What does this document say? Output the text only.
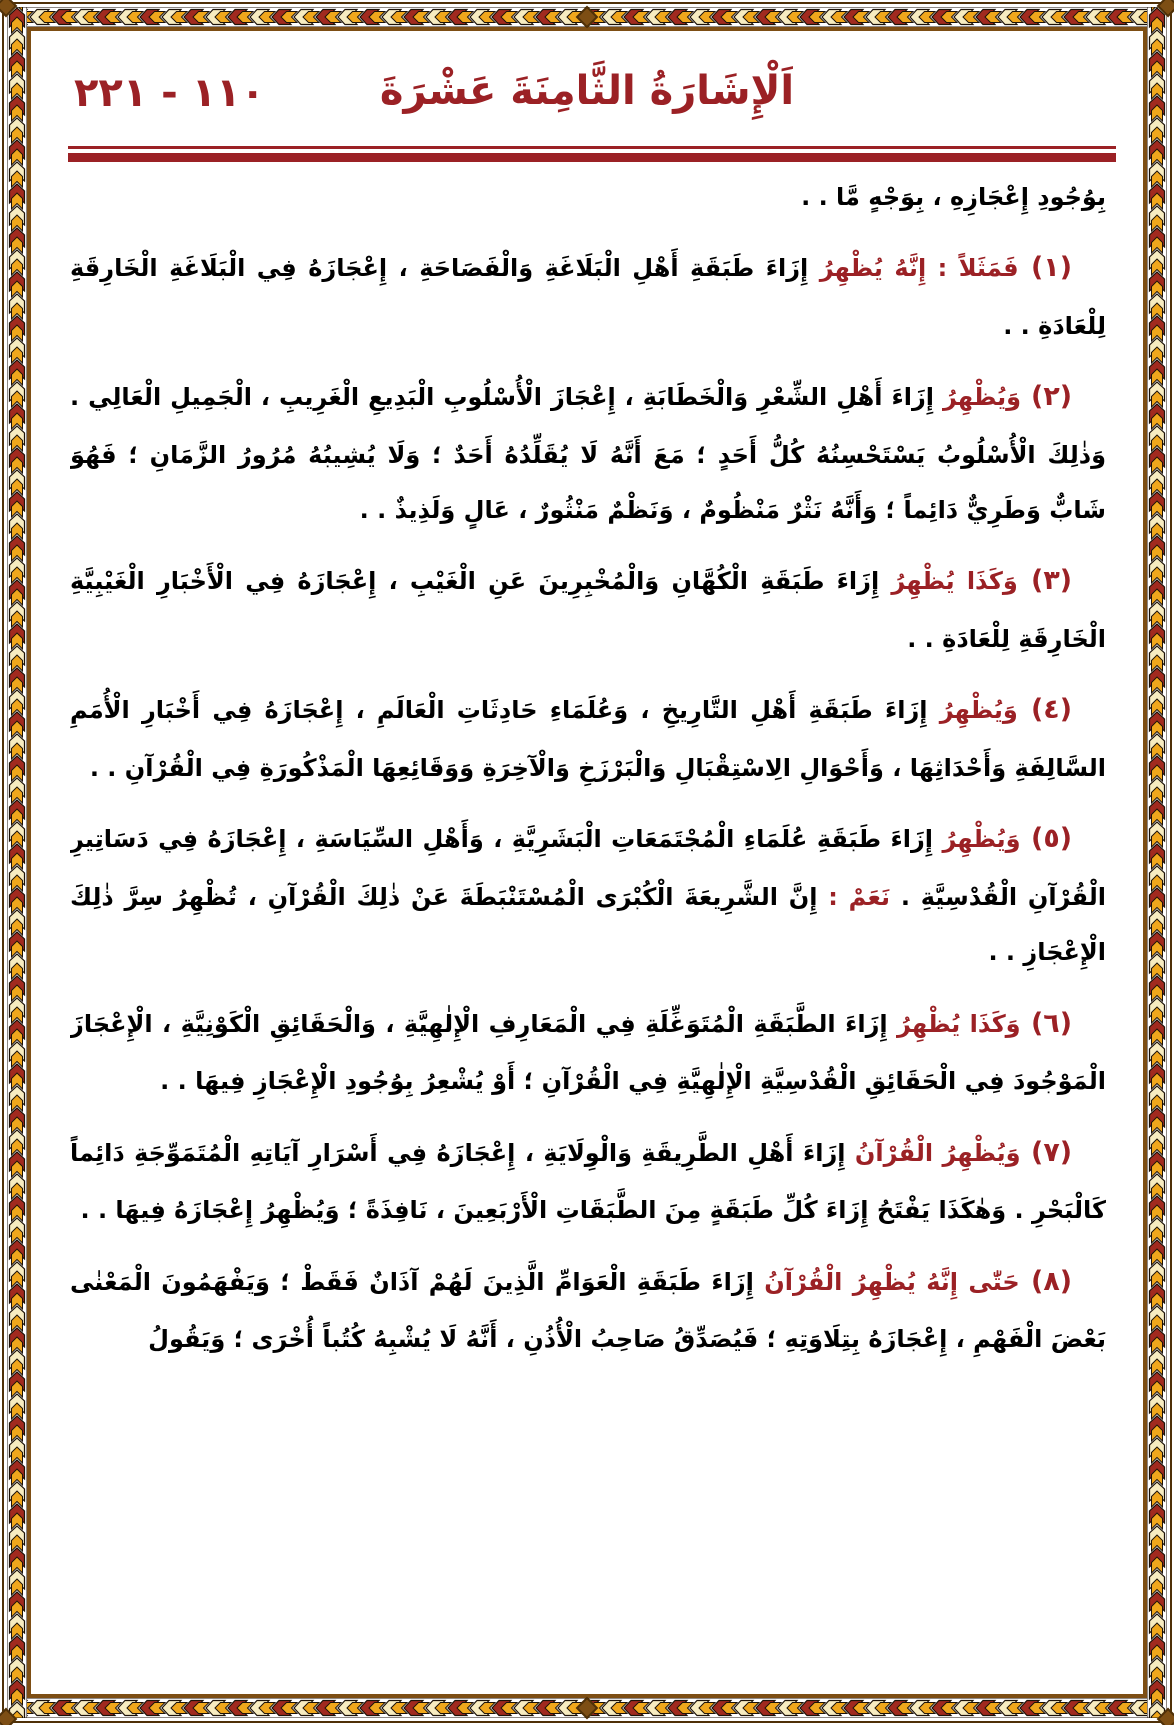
١١٠ - ٢٢١	اَلْإِشَارَةُ الثَّامِنَةَ عَشْرَةَ

بِوُجُودِ إِعْجَازِهِ ، بِوَجْهٍ مَّا . .

(١) فَمَثَلاً : إِنَّهُ يُظْهِرُ إِزَاءَ طَبَقَةِ أَهْلِ الْبَلَاغَةِ وَالْفَصَاحَةِ ، إِعْجَازَهُ فِي الْبَلَاغَةِ الْخَارِقَةِ لِلْعَادَةِ . .

(٢) وَيُظْهِرُ إِزَاءَ أَهْلِ الشِّعْرِ وَالْخَطَابَةِ ، إِعْجَازَ الْأُسْلُوبِ الْبَدِيعِ الْغَرِيبِ ، الْجَمِيلِ الْعَالِي . وَذٰلِكَ الْأُسْلُوبُ يَسْتَحْسِنُهُ كُلُّ أَحَدٍ ؛ مَعَ أَنَّهُ لَا يُقَلِّدُهُ أَحَدٌ ؛ وَلَا يُشِيبُهُ مُرُورُ الزَّمَانِ ؛ فَهُوَ شَابٌّ وَطَرِيٌّ دَائِماً ؛ وَأَنَّهُ نَثْرٌ مَنْظُومٌ ، وَنَظْمٌ مَنْثُورٌ ، عَالٍ وَلَذِيذٌ . .

(٣) وَكَذَا يُظْهِرُ إِزَاءَ طَبَقَةِ الْكُهَّانِ وَالْمُخْبِرِينَ عَنِ الْغَيْبِ ، إِعْجَازَهُ فِي الْأَخْبَارِ الْغَيْبِيَّةِ الْخَارِقَةِ لِلْعَادَةِ . .

(٤) وَيُظْهِرُ إِزَاءَ طَبَقَةِ أَهْلِ التَّارِيخِ ، وَعُلَمَاءِ حَادِثَاتِ الْعَالَمِ ، إِعْجَازَهُ فِي أَخْبَارِ الْأُمَمِ السَّالِفَةِ وَأَحْدَاثِهَا ، وَأَحْوَالِ الِاسْتِقْبَالِ وَالْبَرْزَخِ وَالْآخِرَةِ وَوَقَائِعِهَا الْمَذْكُورَةِ فِي الْقُرْآنِ . .

(٥) وَيُظْهِرُ إِزَاءَ طَبَقَةِ عُلَمَاءِ الْمُجْتَمَعَاتِ الْبَشَرِيَّةِ ، وَأَهْلِ السِّيَاسَةِ ، إِعْجَازَهُ فِي دَسَاتِيرِ الْقُرْآنِ الْقُدْسِيَّةِ . نَعَمْ : إِنَّ الشَّرِيعَةَ الْكُبْرَى الْمُسْتَنْبَطَةَ عَنْ ذٰلِكَ الْقُرْآنِ ، تُظْهِرُ سِرَّ ذٰلِكَ الْإِعْجَازِ . .

(٦) وَكَذَا يُظْهِرُ إِزَاءَ الطَّبَقَةِ الْمُتَوَغِّلَةِ فِي الْمَعَارِفِ الْإِلٰهِيَّةِ ، وَالْحَقَائِقِ الْكَوْنِيَّةِ ، الْإِعْجَازَ الْمَوْجُودَ فِي الْحَقَائِقِ الْقُدْسِيَّةِ الْإِلٰهِيَّةِ فِي الْقُرْآنِ ؛ أَوْ يُشْعِرُ بِوُجُودِ الْإِعْجَازِ فِيهَا . .

(٧) وَيُظْهِرُ الْقُرْآنُ إِزَاءَ أَهْلِ الطَّرِيقَةِ وَالْوِلَايَةِ ، إِعْجَازَهُ فِي أَسْرَارِ آيَاتِهِ الْمُتَمَوِّجَةِ دَائِماً كَالْبَحْرِ . وَهٰكَذَا يَفْتَحُ إِزَاءَ كُلِّ طَبَقَةٍ مِنَ الطَّبَقَاتِ الْأَرْبَعِينَ ، نَافِذَةً ؛ وَيُظْهِرُ إِعْجَازَهُ فِيهَا . .

(٨) حَتّٰى إِنَّهُ يُظْهِرُ الْقُرْآنُ إِزَاءَ طَبَقَةِ الْعَوَامِّ الَّذِينَ لَهُمْ آذَانٌ فَقَطْ ؛ وَيَفْهَمُونَ الْمَعْنٰى بَعْضَ الْفَهْمِ ، إِعْجَازَهُ بِتِلَاوَتِهِ ؛ فَيُصَدِّقُ صَاحِبُ الْأُذُنِ ، أَنَّهُ لَا يُشْبِهُ كُتُباً أُخْرَى ؛ وَيَقُولُ
